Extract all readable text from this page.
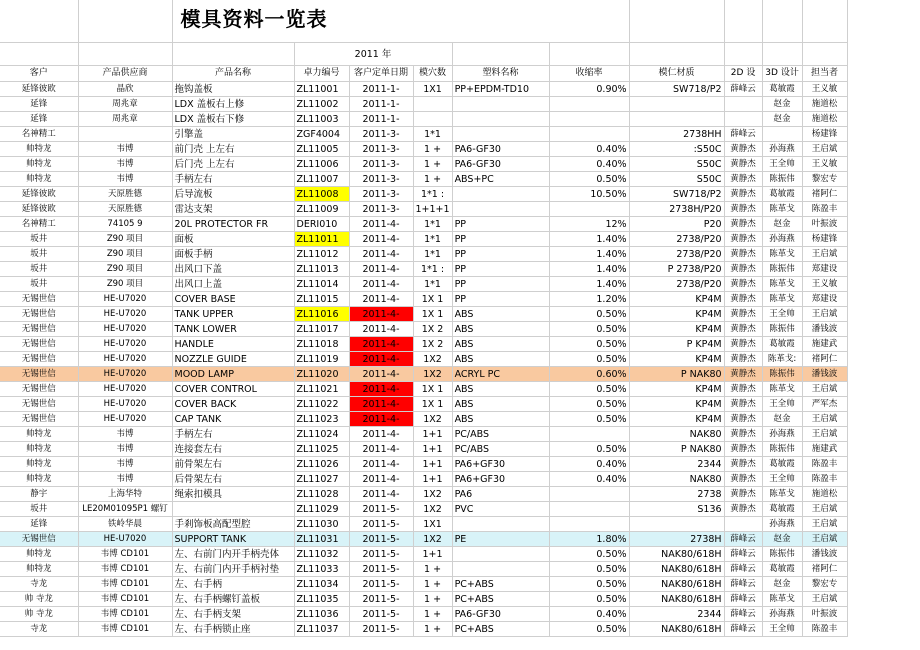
		模具资料一览表									
			2011 年								
客户	产品供应商	产品名称	卓力编号	客户定单日期	模穴数	塑料名称	收缩率	模仁材质	2D 设	3D 设计	担当者
延锋彼欧	晶欣	拖钩盖板	ZL11001	2011-1-	1X1	PP+EPDM-TD10	0.90%	SW718/P2	薛峰云	葛敏霞	王义敏
延锋	周兆章	LDX 盖板右上修	ZL11002	2011-1-						赵金	施道松
延锋	周兆章	LDX 盖板右下修	ZL11003	2011-1-						赵金	施道松
名神精工		引擎盖	ZGF4004	2011-3-	1*1			2738HH	薛峰云		杨建锋
帅特龙	韦博	前门壳 上左右	ZL11005	2011-3-	1 +	PA6-GF30	0.40%	:S50C	黄静杰	孙海燕	王启斌
帅特龙	韦博	后门壳 上左右	ZL11006	2011-3-	1 +	PA6-GF30	0.40%	S50C	黄静杰	王全帅	王义敏
帅特龙	韦博	手柄左右	ZL11007	2011-3-	1 +	ABS+PC	0.50%	S50C	黄静杰	陈振伟	黎宏专
延锋彼欧	天原胜德	后导流板	ZL11008	2011-3-	1*1 :		10.50%	SW718/P2	黄静杰	葛敏霞	褚阿仁
延锋彼欧	天原胜德	雷达支架	ZL11009	2011-3-	1+1+1			2738H/P20	黄静杰	陈革戈	陈盈丰
名神精工	74105 9	20L PROTECTOR FR	DERI010	2011-4-	1*1	PP	12%	P20	黄静杰	赵金	叶振波
坂井	Z90 项目	面板	ZL11011	2011-4-	1*1	PP	1.40%	2738/P20	黄静杰	孙海燕	杨建锋
坂井	Z90 项目	面板手柄	ZL11012	2011-4-	1*1	PP	1.40%	2738/P20	黄静杰	陈革戈	王启斌
坂井	Z90 项目	出风口下盖	ZL11013	2011-4-	1*1 :	PP	1.40%	P 2738/P20	黄静杰	陈振伟	郑建设
坂井	Z90 项目	出风口上盖	ZL11014	2011-4-	1*1	PP	1.40%	2738/P20	黄静杰	陈革戈	王义敏
无锡世信	HE-U7020	COVER BASE	ZL11015	2011-4-	1X 1	PP	1.20%	KP4M	黄静杰	陈革戈	郑建设
无锡世信	HE-U7020	TANK UPPER	ZL11016	2011-4-	1X 1	ABS	0.50%	KP4M	黄静杰	王全帅	王启斌
无锡世信	HE-U7020	TANK LOWER	ZL11017	2011-4-	1X 2	ABS	0.50%	KP4M	黄静杰	陈振伟	潘钱波
无锡世信	HE-U7020	HANDLE	ZL11018	2011-4-	1X 2	ABS	0.50%	P KP4M	黄静杰	葛敏霞	施建武
无锡世信	HE-U7020	NOZZLE GUIDE	ZL11019	2011-4-	1X2	ABS	0.50%	KP4M	黄静杰	陈革戈:	褚阿仁
无锡世信	HE-U7020	MOOD LAMP	ZL11020	2011-4-	1X2	ACRYL PC	0.60%	P NAK80	黄静杰	陈振伟	潘钱波
无锡世信	HE-U7020	COVER CONTROL	ZL11021	2011-4-	1X 1	ABS	0.50%	KP4M	黄静杰	陈革戈	王启斌
无锡世信	HE-U7020	COVER BACK	ZL11022	2011-4-	1X 1	ABS	0.50%	KP4M	黄静杰	王全帅	严军杰
无锡世信	HE-U7020	CAP TANK	ZL11023	2011-4-	1X2	ABS	0.50%	KP4M	黄静杰	赵金	王启斌
帅特龙	韦博	手柄左右	ZL11024	2011-4-	1+1	PC/ABS		NAK80	黄静杰	孙海燕	王启斌
帅特龙	韦博	连接套左右	ZL11025	2011-4-	1+1	PC/ABS	0.50%	P NAK80	黄静杰	陈振伟	施建武
帅特龙	韦博	前骨架左右	ZL11026	2011-4-	1+1	PA6+GF30	0.40%	2344	黄静杰	葛敏霞	陈盈丰
帅特龙	韦博	后骨架左右	ZL11027	2011-4-	1+1	PA6+GF30	0.40%	NAK80	黄静杰	王全帅	陈盈丰
静宇	上海华特	绳索扣模具	ZL11028	2011-4-	1X2	PA6		2738	黄静杰	陈革戈	施道松
坂井	LE20M01095P1 螺钉		ZL11029	2011-5-	1X2	PVC		S136	黄静杰	葛敏霞	王启斌
延锋	铁岭华晨	手剎饰板高配型腔	ZL11030	2011-5-	1X1					孙海燕	王启斌
无锡世信	HE-U7020	SUPPORT TANK	ZL11031	2011-5-	1X2	PE	1.80%	2738H	薛峰云	赵金	王启斌
帅特龙	韦博 CD101	左、右前门内开手柄壳体	ZL11032	2011-5-	1+1		0.50%	NAK80/618H	薛峰云	陈振伟	潘钱波
帅特龙	韦博 CD101	左、右前门内开手柄衬垫	ZL11033	2011-5-	1 +		0.50%	NAK80/618H	薛峰云	葛敏霞	褚阿仁
寺龙	韦博 CD101	左、右手柄	ZL11034	2011-5-	1 +	PC+ABS	0.50%	NAK80/618H	薛峰云	赵金	黎宏专
帅 寺龙	韦博 CD101	左、右手柄螺钉盖板	ZL11035	2011-5-	1 +	PC+ABS	0.50%	NAK80/618H	薛峰云	陈革戈	王启斌
帅 寺龙	韦博 CD101	左、右手柄支架	ZL11036	2011-5-	1 +	PA6-GF30	0.40%	2344	薛峰云	孙海燕	叶振波
寺龙	韦博 CD101	左、右手柄锁止座	ZL11037	2011-5-	1 +	PC+ABS	0.50%	NAK80/618H	薛峰云	王全帅	陈盈丰
